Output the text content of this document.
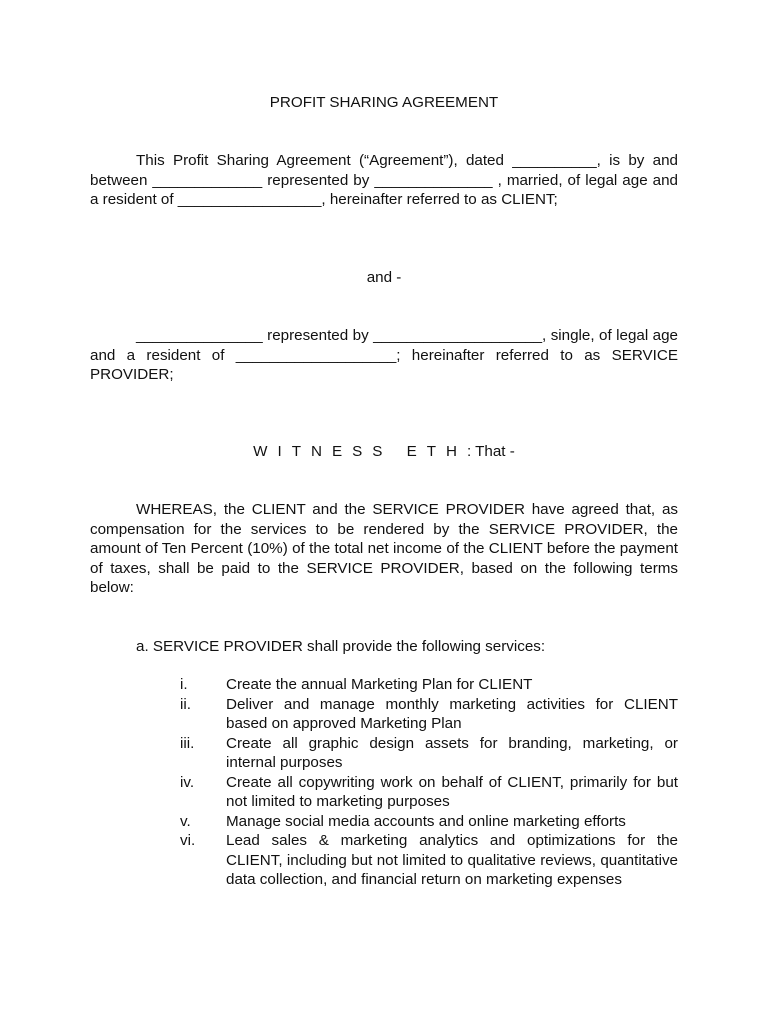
PROFIT SHARING AGREEMENT

This Profit Sharing Agreement (“Agreement”), dated __________, is by and between _____________ represented by ______________ , married, of legal age and a resident of _________________, hereinafter referred to as CLIENT;

and -

_______________ represented by ____________________, single, of legal age and a resident of ___________________; hereinafter referred to as SERVICE PROVIDER;

WITNESS ETH: That -

WHEREAS, the CLIENT and the SERVICE PROVIDER have agreed that, as compensation for the services to be rendered by the SERVICE PROVIDER, the amount of Ten Percent (10%) of the total net income of the CLIENT before the payment of taxes, shall be paid to the SERVICE PROVIDER, based on the following terms below:

a. SERVICE PROVIDER shall provide the following services:
i.	Create the annual Marketing Plan for CLIENT
ii.	Deliver and manage monthly marketing activities for CLIENT based on approved Marketing Plan
iii.	Create all graphic design assets for branding, marketing, or internal purposes
iv.	Create all copywriting work on behalf of CLIENT, primarily for but not limited to marketing purposes
v.	Manage social media accounts and online marketing efforts
vi.	Lead sales & marketing analytics and optimizations for the CLIENT, including but not limited to qualitative reviews, quantitative data collection, and financial return on marketing expenses
